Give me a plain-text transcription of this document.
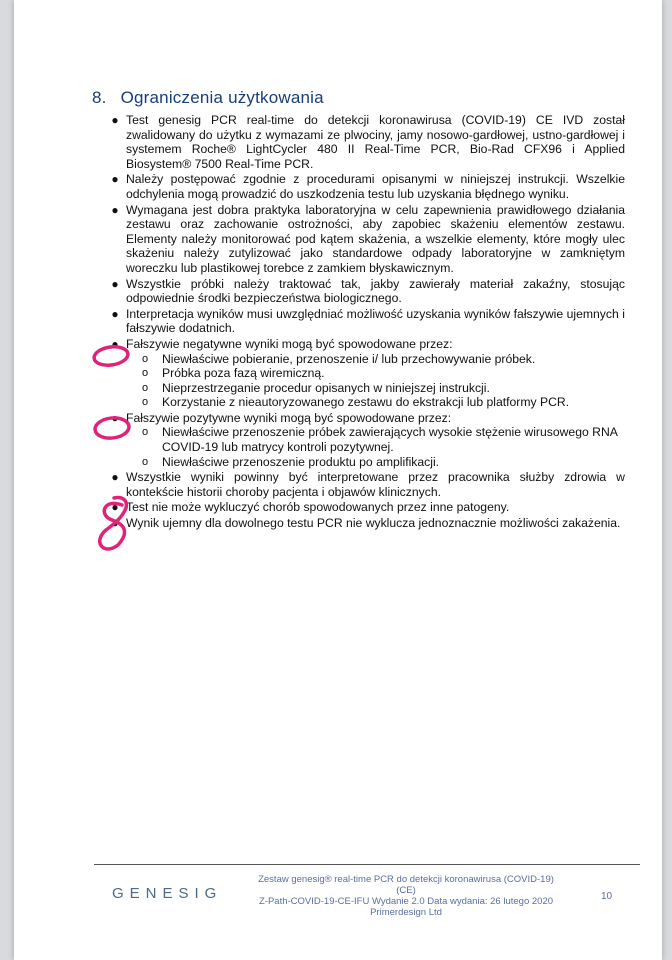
8. Ograniczenia użytkowania
● Test genesig PCR real-time do detekcji koronawirusa (COVID-19) CE IVD został zwalidowany do użytku z wymazami ze plwociny, jamy nosowo-gardłowej, ustno-gardłowej i systemem Roche® LightCycler 480 II Real-Time PCR, Bio-Rad CFX96 i Applied Biosystem® 7500 Real-Time PCR.
● Należy postępować zgodnie z procedurami opisanymi w niniejszej instrukcji. Wszelkie odchylenia mogą prowadzić do uszkodzenia testu lub uzyskania błędnego wyniku.
● Wymagana jest dobra praktyka laboratoryjna w celu zapewnienia prawidłowego działania zestawu oraz zachowanie ostrożności, aby zapobiec skażeniu elementów zestawu. Elementy należy monitorować pod kątem skażenia, a wszelkie elementy, które mogły ulec skażeniu należy zutylizować jako standardowe odpady laboratoryjne w zamkniętym woreczku lub plastikowej torebce z zamkiem błyskawicznym.
● Wszystkie próbki należy traktować tak, jakby zawierały materiał zakaźny, stosując odpowiednie środki bezpieczeństwa biologicznego.
● Interpretacja wyników musi uwzględniać możliwość uzyskania wyników fałszywie ujemnych i fałszywie dodatnich.
● Fałszywie negatywne wyniki mogą być spowodowane przez:
o Niewłaściwe pobieranie, przenoszenie i/ lub przechowywanie próbek.
o Próbka poza fazą wiremiczną.
o Nieprzestrzeganie procedur opisanych w niniejszej instrukcji.
o Korzystanie z nieautoryzowanego zestawu do ekstrakcji lub platformy PCR.
● Fałszywie pozytywne wyniki mogą być spowodowane przez:
o Niewłaściwe przenoszenie próbek zawierających wysokie stężenie wirusowego RNA COVID-19 lub matrycy kontroli pozytywnej.
o Niewłaściwe przenoszenie produktu po amplifikacji.
● Wszystkie wyniki powinny być interpretowane przez pracownika służby zdrowia w kontekście historii choroby pacjenta i objawów klinicznych.
● Test nie może wykluczyć chorób spowodowanych przez inne patogeny.
● Wynik ujemny dla dowolnego testu PCR nie wyklucza jednoznacznie możliwości zakażenia.
GENESIG
Zestaw genesig® real-time PCR do detekcji koronawirusa (COVID-19)
(CE)
Z-Path-COVID-19-CE-IFU Wydanie 2.0 Data wydania: 26 lutego 2020
Primerdesign Ltd
10
